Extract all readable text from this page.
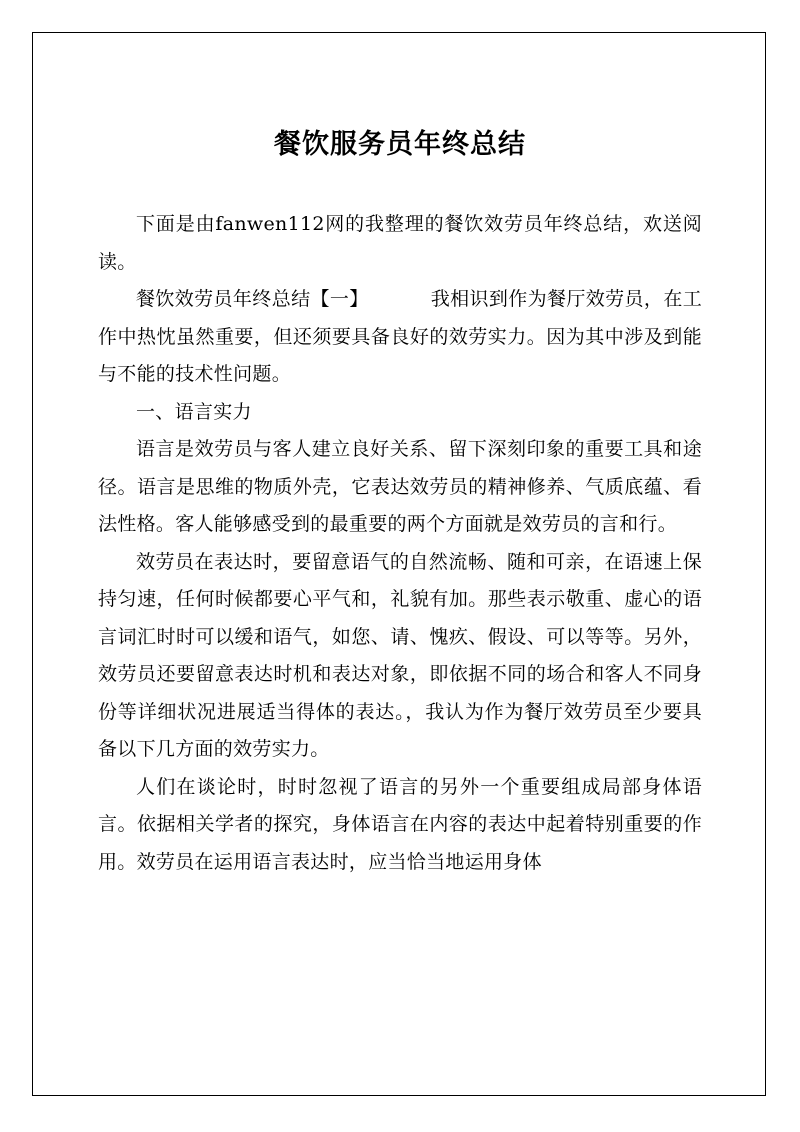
餐饮服务员年终总结

下面是由fanwen112网的我整理的餐饮效劳员年终总结，欢送阅读。

餐饮效劳员年终总结【一】	我相识到作为餐厅效劳员，在工作中热忱虽然重要，但还须要具备良好的效劳实力。因为其中涉及到能与不能的技术性问题。

一、语言实力

语言是效劳员与客人建立良好关系、留下深刻印象的重要工具和途径。语言是思维的物质外壳，它表达效劳员的精神修养、气质底蕴、看法性格。客人能够感受到的最重要的两个方面就是效劳员的言和行。

效劳员在表达时，要留意语气的自然流畅、随和可亲，在语速上保持匀速，任何时候都要心平气和，礼貌有加。那些表示敬重、虚心的语言词汇时时可以缓和语气，如您、请、愧疚、假设、可以等等。另外，效劳员还要留意表达时机和表达对象，即依据不同的场合和客人不同身份等详细状况进展适当得体的表达。，我认为作为餐厅效劳员至少要具备以下几方面的效劳实力。

人们在谈论时，时时忽视了语言的另外一个重要组成局部身体语言。依据相关学者的探究，身体语言在内容的表达中起着特别重要的作用。效劳员在运用语言表达时，应当恰当地运用身体
